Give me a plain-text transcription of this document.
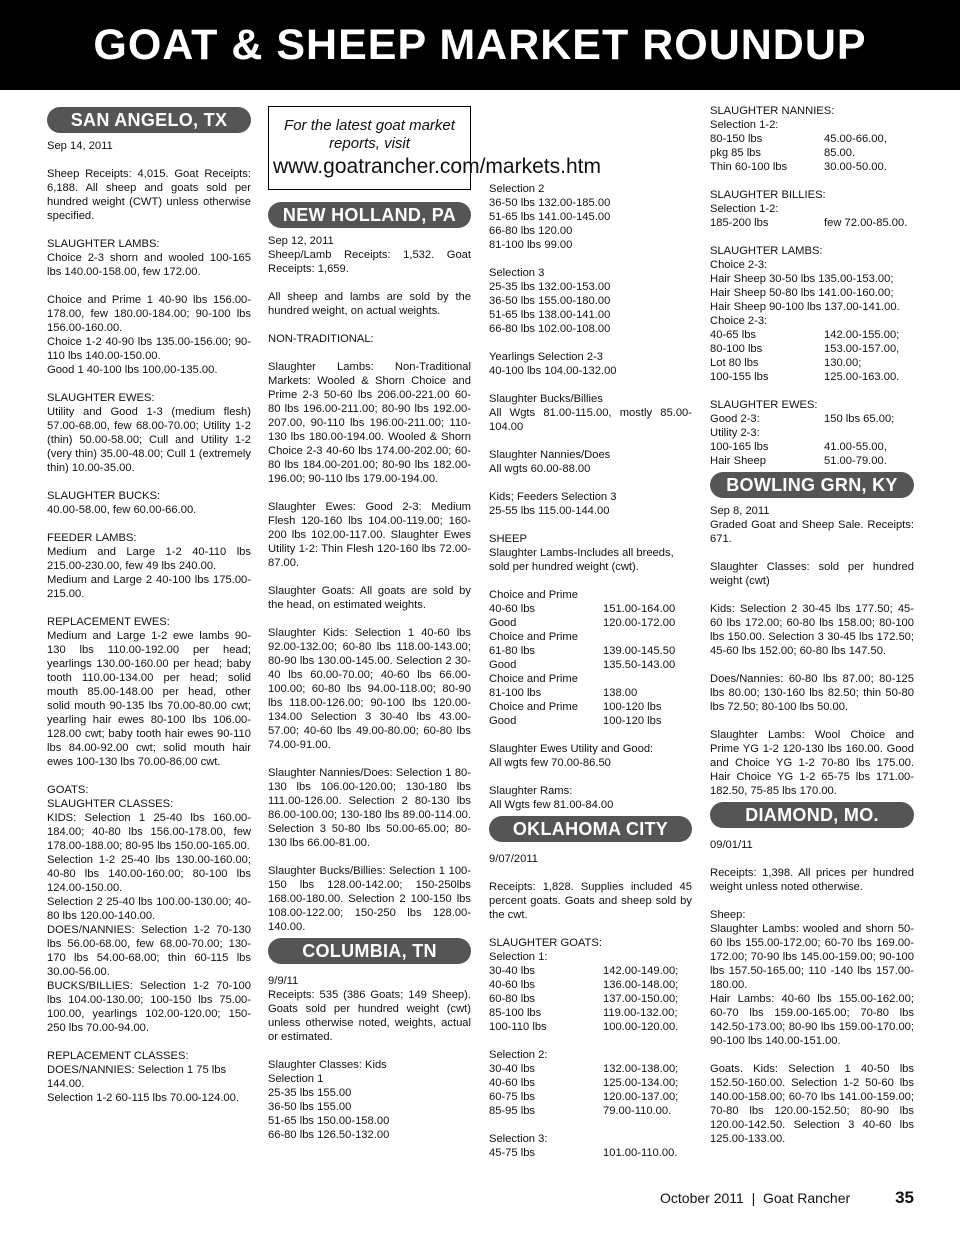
GOAT & SHEEP MARKET ROUNDUP
SAN ANGELO, TX

Sep 14, 2011

Sheep Receipts: 4,015. Goat Receipts: 6,188. All sheep and goats sold per hundred weight (CWT) unless otherwise specified.

SLAUGHTER LAMBS:

Choice 2-3 shorn and wooled 100-165 lbs 140.00-158.00, few 172.00.

Choice and Prime 1 40-90 lbs 156.00-178.00, few 180.00-184.00; 90-100 lbs 156.00-160.00.

Choice 1-2 40-90 lbs 135.00-156.00; 90-110 lbs 140.00-150.00.

Good 1 40-100 lbs 100.00-135.00.

SLAUGHTER EWES:

Utility and Good 1-3 (medium flesh) 57.00-68.00, few 68.00-70.00; Utility 1-2 (thin) 50.00-58.00; Cull and Utility 1-2 (very thin) 35.00-48.00; Cull 1 (extremely thin) 10.00-35.00.

SLAUGHTER BUCKS:

40.00-58.00, few 60.00-66.00.

FEEDER LAMBS:

Medium and Large 1-2 40-110 lbs 215.00-230.00, few 49 lbs 240.00.

Medium and Large 2 40-100 lbs 175.00-215.00.

REPLACEMENT EWES:

Medium and Large 1-2 ewe lambs 90-130 lbs 110.00-192.00 per head; yearlings 130.00-160.00 per head; baby tooth 110.00-134.00 per head; solid mouth 85.00-148.00 per head, other solid mouth 90-135 lbs 70.00-80.00 cwt; yearling hair ewes 80-100 lbs 106.00-128.00 cwt; baby tooth hair ewes 90-110 lbs 84.00-92.00 cwt; solid mouth hair ewes 100-130 lbs 70.00-86.00 cwt.

GOATS:

SLAUGHTER CLASSES:

KIDS: Selection 1 25-40 lbs 160.00-184.00; 40-80 lbs 156.00-178.00, few 178.00-188.00; 80-95 lbs 150.00-165.00.

Selection 1-2 25-40 lbs 130.00-160.00; 40-80 lbs 140.00-160.00; 80-100 lbs 124.00-150.00.

Selection 2 25-40 lbs 100.00-130.00; 40-80 lbs 120.00-140.00.

DOES/NANNIES: Selection 1-2 70-130 lbs 56.00-68.00, few 68.00-70.00; 130-170 lbs 54.00-68.00; thin 60-115 lbs 30.00-56.00.

BUCKS/BILLIES: Selection 1-2 70-100 lbs 104.00-130.00; 100-150 lbs 75.00-100.00, yearlings 102.00-120.00; 150-250 lbs 70.00-94.00.

REPLACEMENT CLASSES:

DOES/NANNIES: Selection 1 75 lbs 144.00.

Selection 1-2 60-115 lbs 70.00-124.00.

For the latest goat market reports, visit
www.goatrancher.com/markets.htm
NEW HOLLAND, PA

Sep 12, 2011

Sheep/Lamb Receipts: 1,532. Goat Receipts: 1,659.

All sheep and lambs are sold by the hundred weight, on actual weights.

NON-TRADITIONAL:

Slaughter Lambs: Non-Traditional Markets: Wooled & Shorn Choice and Prime 2-3 50-60 lbs 206.00-221.00 60-80 lbs 196.00-211.00; 80-90 lbs 192.00-207.00, 90-110 lbs 196.00-211.00; 110-130 lbs 180.00-194.00. Wooled & Shorn Choice 2-3 40-60 lbs 174.00-202.00; 60-80 lbs 184.00-201.00; 80-90 lbs 182.00-196.00; 90-110 lbs 179.00-194.00.

Slaughter Ewes: Good 2-3: Medium Flesh 120-160 lbs 104.00-119.00; 160-200 lbs 102.00-117.00. Slaughter Ewes Utility 1-2: Thin Flesh 120-160 lbs 72.00-87.00.

Slaughter Goats: All goats are sold by the head, on estimated weights.

Slaughter Kids: Selection 1 40-60 lbs 92.00-132.00; 60-80 lbs 118.00-143.00; 80-90 lbs 130.00-145.00. Selection 2 30-40 lbs 60.00-70.00; 40-60 lbs 66.00-100.00; 60-80 lbs 94.00-118.00; 80-90 lbs 118.00-126.00; 90-100 lbs 120.00-134.00 Selection 3 30-40 lbs 43.00-57.00; 40-60 lbs 49.00-80.00; 60-80 lbs 74.00-91.00.

Slaughter Nannies/Does: Selection 1 80-130 lbs 106.00-120.00; 130-180 lbs 111.00-126.00. Selection 2 80-130 lbs 86.00-100.00; 130-180 lbs 89.00-114.00. Selection 3 50-80 lbs 50.00-65.00; 80-130 lbs 66.00-81.00.

Slaughter Bucks/Billies: Selection 1 100-150 lbs 128.00-142.00; 150-250lbs 168.00-180.00. Selection 2 100-150 lbs 108.00-122.00; 150-250 lbs 128.00-140.00.

COLUMBIA, TN

9/9/11

Receipts: 535 (386 Goats; 149 Sheep). Goats sold per hundred weight (cwt) unless otherwise noted, weights, actual or estimated.

Slaughter Classes: Kids

Selection 1
25-35 lbs 155.00
36-50 lbs 155.00
51-65 lbs 150.00-158.00
66-80 lbs 126.50-132.00
Selection 2
36-50 lbs 132.00-185.00
51-65 lbs 141.00-145.00
66-80 lbs 120.00

81-100 lbs 99.00

Selection 3
25-35 lbs 132.00-153.00
36-50 lbs 155.00-180.00
51-65 lbs 138.00-141.00

66-80 lbs 102.00-108.00

Yearlings Selection 2-3

40-100 lbs 104.00-132.00

Slaughter Bucks/Billies

All Wgts 81.00-115.00, mostly 85.00-104.00

Slaughter Nannies/Does

All wgts 60.00-88.00

Kids; Feeders Selection 3

25-55 lbs 115.00-144.00

SHEEP

Slaughter Lambs-Includes all breeds, sold per hundred weight (cwt).

Choice and Prime
40-60 lbs	151.00-164.00
Good	120.00-172.00
Choice and Prime
61-80 lbs	139.00-145.50
Good	135.50-143.00
Choice and Prime
81-100 lbs	138.00
Choice and Prime	100-120 lbs
Good	100-120 lbs
Slaughter Ewes Utility and Good:

All wgts few 70.00-86.50

Slaughter Rams:

All Wgts few 81.00-84.00

OKLAHOMA CITY

9/07/2011

Receipts: 1,828. Supplies included 45 percent goats. Goats and sheep sold by the cwt.

SLAUGHTER GOATS:
Selection 1:
30-40 lbs	142.00-149.00;
40-60 lbs	136.00-148.00;
60-80 lbs	137.00-150.00;
85-100 lbs	119.00-132.00;
100-110 lbs	100.00-120.00.
Selection 2:
30-40 lbs	132.00-138.00;
40-60 lbs	125.00-134.00;
60-75 lbs	120.00-137.00;
85-95 lbs	79.00-110.00.
Selection 3:
45-75 lbs	101.00-110.00.
SLAUGHTER NANNIES:
Selection 1-2:
80-150 lbs	45.00-66.00,
pkg 85 lbs	85.00.
Thin 60-100 lbs	30.00-50.00.
SLAUGHTER BILLIES:
Selection 1-2:
185-200 lbs	few 72.00-85.00.
SLAUGHTER LAMBS:
Choice 2-3:
Hair Sheep 30-50 lbs 135.00-153.00;
Hair Sheep 50-80 lbs 141.00-160.00;
Hair Sheep 90-100 lbs 137.00-141.00.
Choice 2-3:
40-65 lbs	142.00-155.00;
80-100 lbs	153.00-157.00,
Lot 80 lbs	130.00;
100-155 lbs	125.00-163.00.
SLAUGHTER EWES:
Good 2-3:	150 lbs 65.00;
Utility 2-3:
100-165 lbs	41.00-55.00,
Hair Sheep	51.00-79.00.
BOWLING GRN, KY

Sep 8, 2011

Graded Goat and Sheep Sale. Receipts: 671.

Slaughter Classes: sold per hundred weight (cwt)

Kids: Selection 2 30-45 lbs 177.50; 45-60 lbs 172.00; 60-80 lbs 158.00; 80-100 lbs 150.00. Selection 3 30-45 lbs 172.50; 45-60 lbs 152.00; 60-80 lbs 147.50.

Does/Nannies: 60-80 lbs 87.00; 80-125 lbs 80.00; 130-160 lbs 82.50; thin 50-80 lbs 72.50; 80-100 lbs 50.00.

Slaughter Lambs: Wool Choice and Prime YG 1-2 120-130 lbs 160.00. Good and Choice YG 1-2 70-80 lbs 175.00. Hair Choice YG 1-2 65-75 lbs 171.00-182.50, 75-85 lbs 170.00.

DIAMOND, MO.

09/01/11

Receipts: 1,398. All prices per hundred weight unless noted otherwise.

Sheep:

Slaughter Lambs: wooled and shorn 50-60 lbs 155.00-172.00; 60-70 lbs 169.00-172.00; 70-90 lbs 145.00-159.00; 90-100 lbs 157.50-165.00; 110 -140 lbs 157.00-180.00.

Hair Lambs: 40-60 lbs 155.00-162.00; 60-70 lbs 159.00-165.00; 70-80 lbs 142.50-173.00; 80-90 lbs 159.00-170.00; 90-100 lbs 140.00-151.00.

Goats. Kids: Selection 1 40-50 lbs 152.50-160.00. Selection 1-2 50-60 lbs 140.00-158.00; 60-70 lbs 141.00-159.00; 70-80 lbs 120.00-152.50; 80-90 lbs 120.00-142.50. Selection 3 40-60 lbs 125.00-133.00.

October 2011  |  Goat Rancher	35
